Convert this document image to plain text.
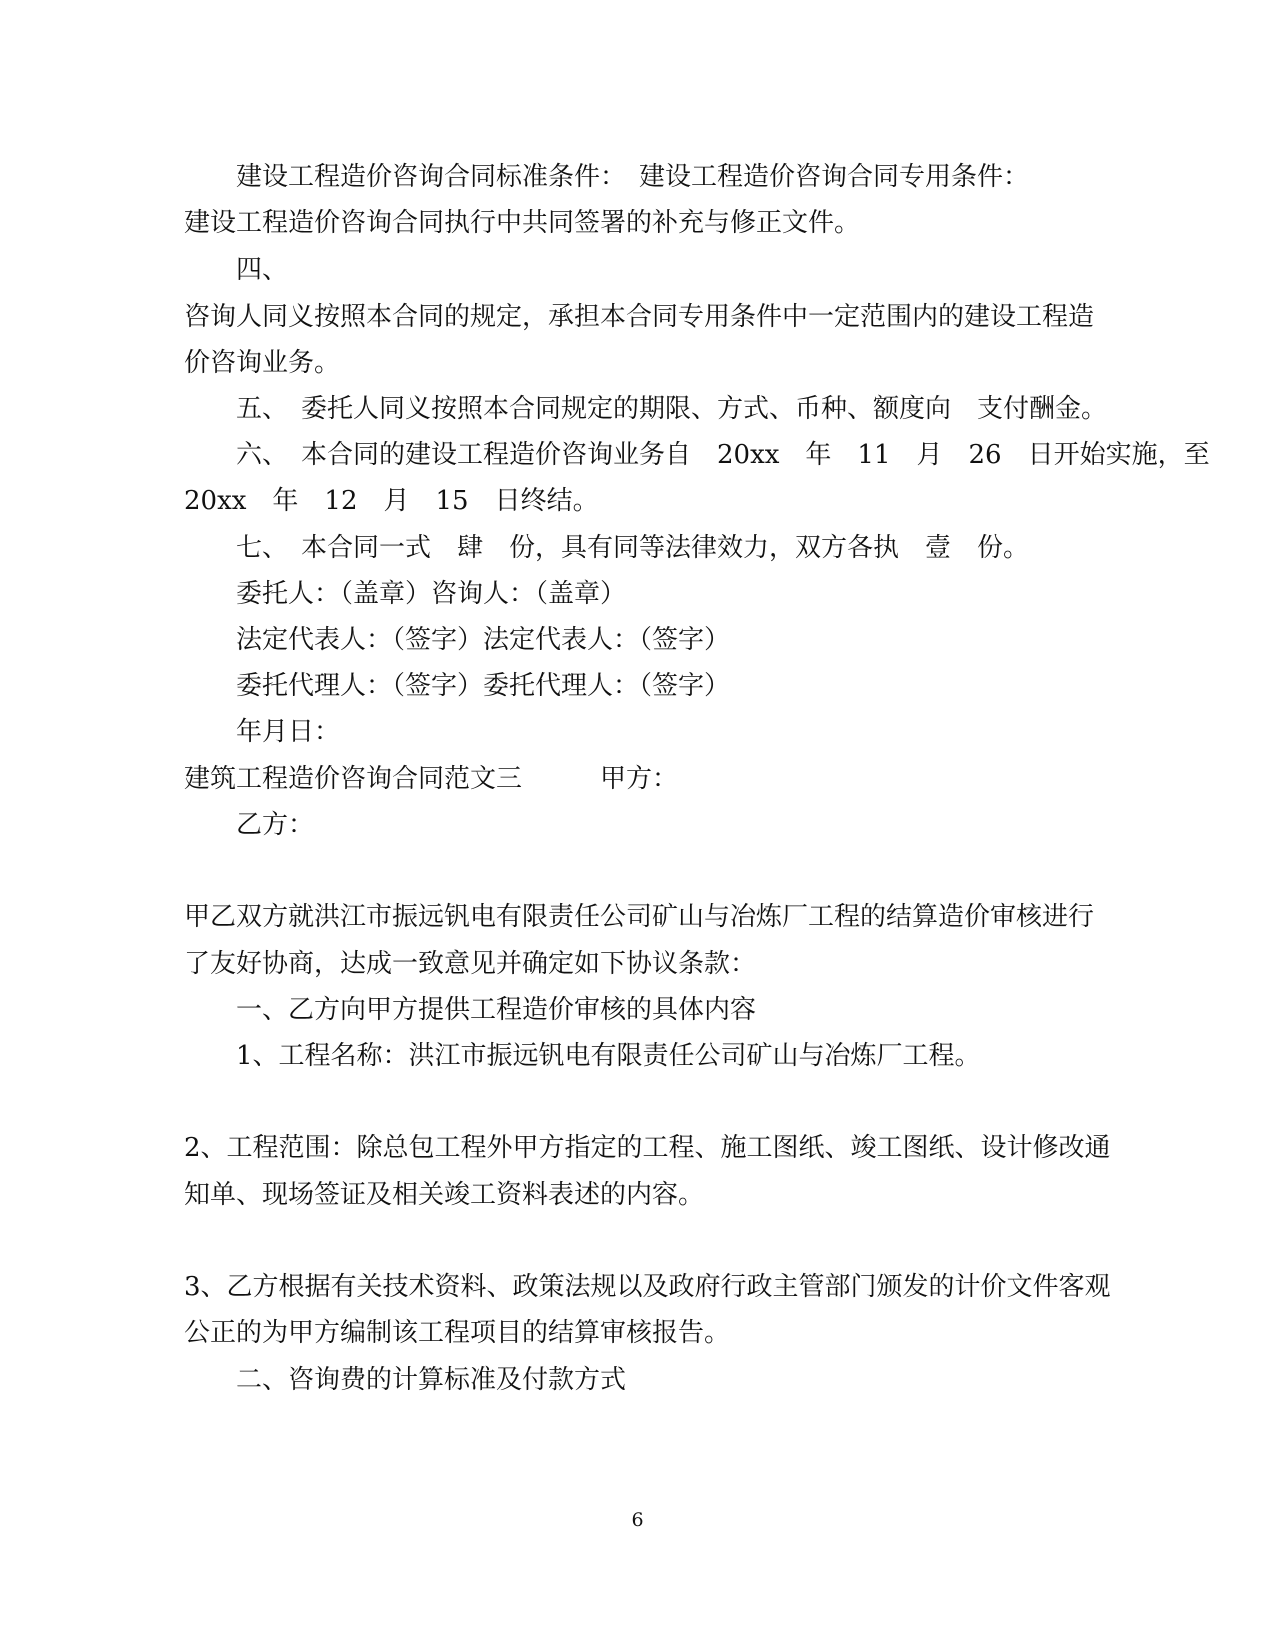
建设工程造价咨询合同标准条件：　建设工程造价咨询合同专用条件：
建设工程造价咨询合同执行中共同签署的补充与修正文件。
四、
咨询人同义按照本合同的规定，承担本合同专用条件中一定范围内的建设工程造
价咨询业务。
五、　委托人同义按照本合同规定的期限、方式、币种、额度向　支付酬金。
六、　本合同的建设工程造价咨询业务自　20xx　年　11　月　26　日开始实施，至
20xx　年　12　月　15　日终结。
七、　本合同一式　肆　份，具有同等法律效力，双方各执　壹　份。
委托人：（盖章）咨询人：（盖章）
法定代表人：（签字）法定代表人：（签字）
委托代理人：（签字）委托代理人：（签字）
年月日：
建筑工程造价咨询合同范文三　　　甲方：
乙方：
甲乙双方就洪江市振远钒电有限责任公司矿山与冶炼厂工程的结算造价审核进行
了友好协商，达成一致意见并确定如下协议条款：
一、乙方向甲方提供工程造价审核的具体内容
1、工程名称：洪江市振远钒电有限责任公司矿山与冶炼厂工程。
2、工程范围：除总包工程外甲方指定的工程、施工图纸、竣工图纸、设计修改通
知单、现场签证及相关竣工资料表述的内容。
3、乙方根据有关技术资料、政策法规以及政府行政主管部门颁发的计价文件客观
公正的为甲方编制该工程项目的结算审核报告。
二、咨询费的计算标准及付款方式
6
